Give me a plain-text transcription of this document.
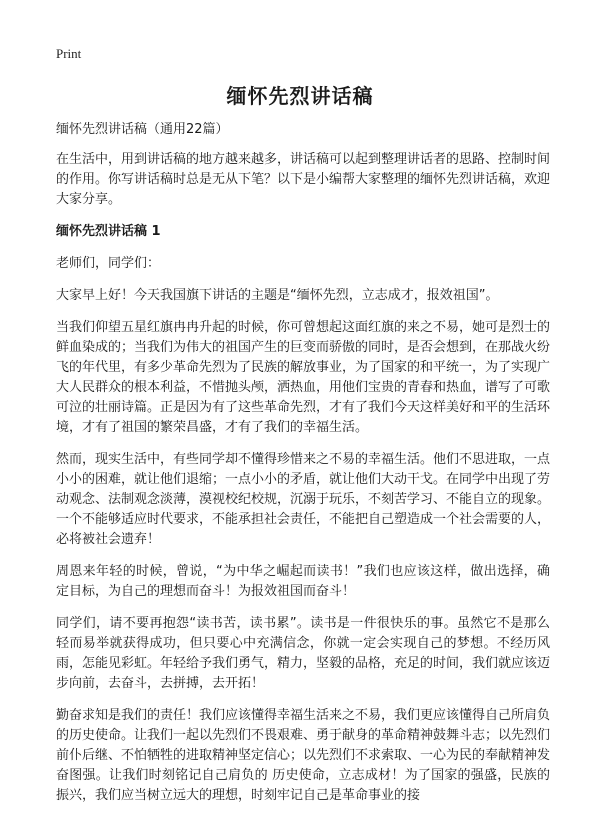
Print
缅怀先烈讲话稿

缅怀先烈讲话稿（通用22篇）

在生活中，用到讲话稿的地方越来越多，讲话稿可以起到整理讲话者的思路、控制时间的作用。你写讲话稿时总是无从下笔？以下是小编帮大家整理的缅怀先烈讲话稿，欢迎大家分享。

缅怀先烈讲话稿 1

老师们，同学们：

大家早上好！今天我国旗下讲话的主题是“缅怀先烈，立志成才，报效祖国”。

当我们仰望五星红旗冉冉升起的时候，你可曾想起这面红旗的来之不易，她可是烈士的鲜血染成的；当我们为伟大的祖国产生的巨变而骄傲的同时，是否会想到，在那战火纷飞的年代里，有多少革命先烈为了民族的解放事业，为了国家的和平统一，为了实现广大人民群众的根本利益，不惜抛头颅，洒热血，用他们宝贵的青春和热血，谱写了可歌可泣的壮丽诗篇。正是因为有了这些革命先烈，才有了我们今天这样美好和平的生活环境，才有了祖国的繁荣昌盛，才有了我们的幸福生活。

然而，现实生活中，有些同学却不懂得珍惜来之不易的幸福生活。他们不思进取，一点小小的困难，就让他们退缩；一点小小的矛盾，就让他们大动干戈。在同学中出现了劳动观念、法制观念淡薄，漠视校纪校规，沉溺于玩乐，不刻苦学习、不能自立的现象。一个不能够适应时代要求，不能承担社会责任，不能把自己塑造成一个社会需要的人，必将被社会遗弃！

周恩来年轻的时候，曾说，“为中华之崛起而读书！”我们也应该这样，做出选择，确定目标，为自己的理想而奋斗！为报效祖国而奋斗！

同学们，请不要再抱怨“读书苦，读书累”。读书是一件很快乐的事。虽然它不是那么轻而易举就获得成功，但只要心中充满信念，你就一定会实现自己的梦想。不经历风雨，怎能见彩虹。年轻给予我们勇气，精力，坚毅的品格，充足的时间，我们就应该迈步向前，去奋斗，去拼搏，去开拓！

勤奋求知是我们的责任！我们应该懂得幸福生活来之不易，我们更应该懂得自己所肩负的历史使命。让我们一起以先烈们不畏艰难、勇于献身的革命精神鼓舞斗志；以先烈们前仆后继、不怕牺牲的进取精神坚定信心；以先烈们不求索取、一心为民的奉献精神发奋图强。让我们时刻铭记自己肩负的 历史使命，立志成材！为了国家的强盛，民族的振兴，我们应当树立远大的理想，时刻牢记自己是革命事业的接
